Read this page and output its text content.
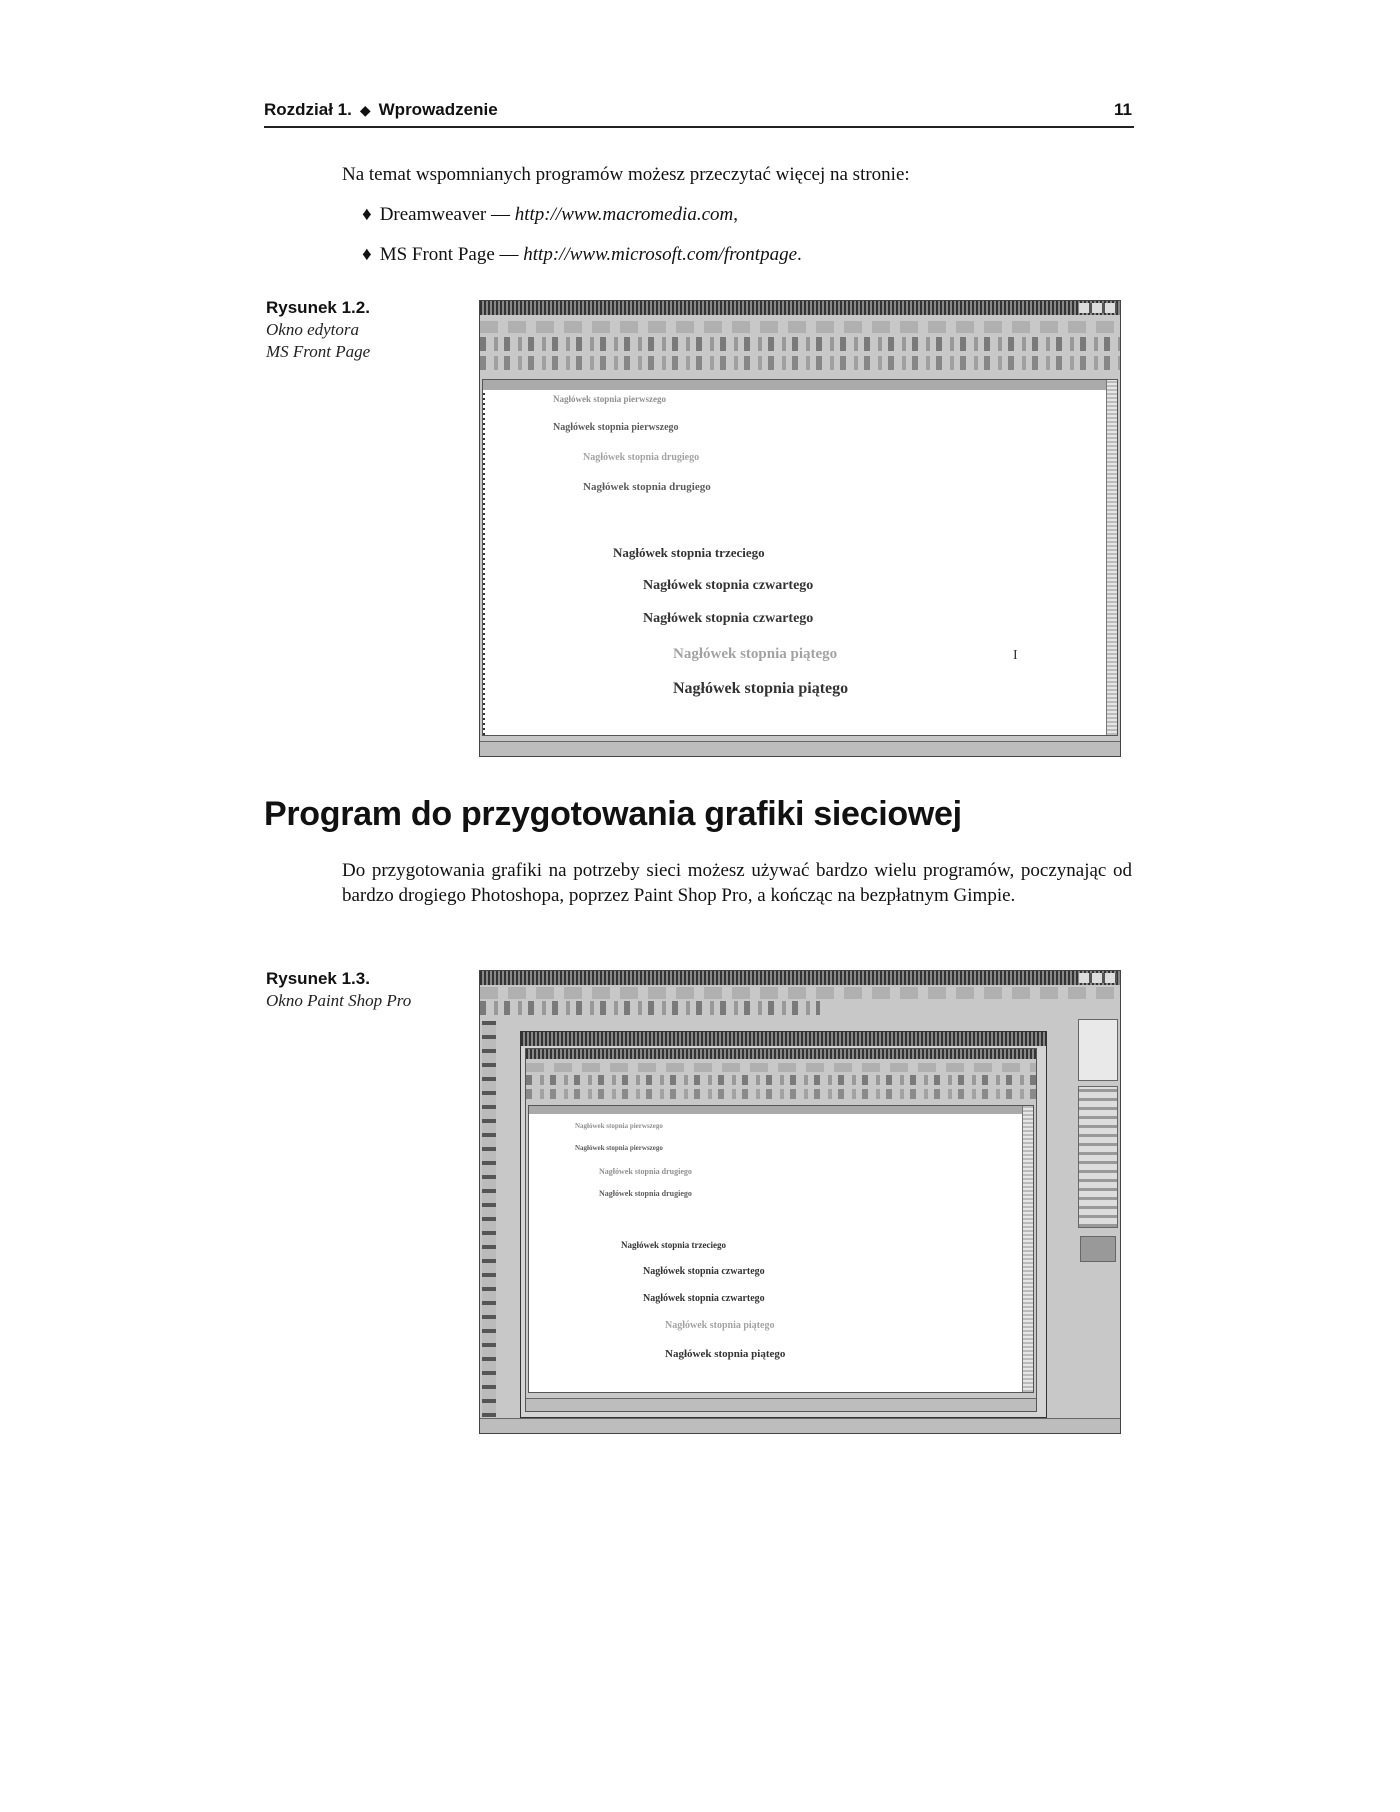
Rozdział 1. ◆ Wprowadzenie	11
Na temat wspomnianych programów możesz przeczytać więcej na stronie:
♦ Dreamweaver — http://www.macromedia.com,
♦ MS Front Page — http://www.microsoft.com/frontpage.
Rysunek 1.2.
Okno edytora
MS Front Page
Nagłówek stopnia pierwszego
Nagłówek stopnia pierwszego
Nagłówek stopnia drugiego
Nagłówek stopnia drugiego
Nagłówek stopnia trzeciego
Nagłówek stopnia czwartego
Nagłówek stopnia czwartego
Nagłówek stopnia piątego
Nagłówek stopnia piątego
I
Program do przygotowania grafiki sieciowej
Do przygotowania grafiki na potrzeby sieci możesz używać bardzo wielu programów, poczynając od bardzo drogiego Photoshopa, poprzez Paint Shop Pro, a kończąc na bezpłatnym Gimpie.
Rysunek 1.3.
Okno Paint Shop Pro
Nagłówek stopnia pierwszego
Nagłówek stopnia pierwszego
Nagłówek stopnia drugiego
Nagłówek stopnia drugiego
Nagłówek stopnia trzeciego
Nagłówek stopnia czwartego
Nagłówek stopnia czwartego
Nagłówek stopnia piątego
Nagłówek stopnia piątego
